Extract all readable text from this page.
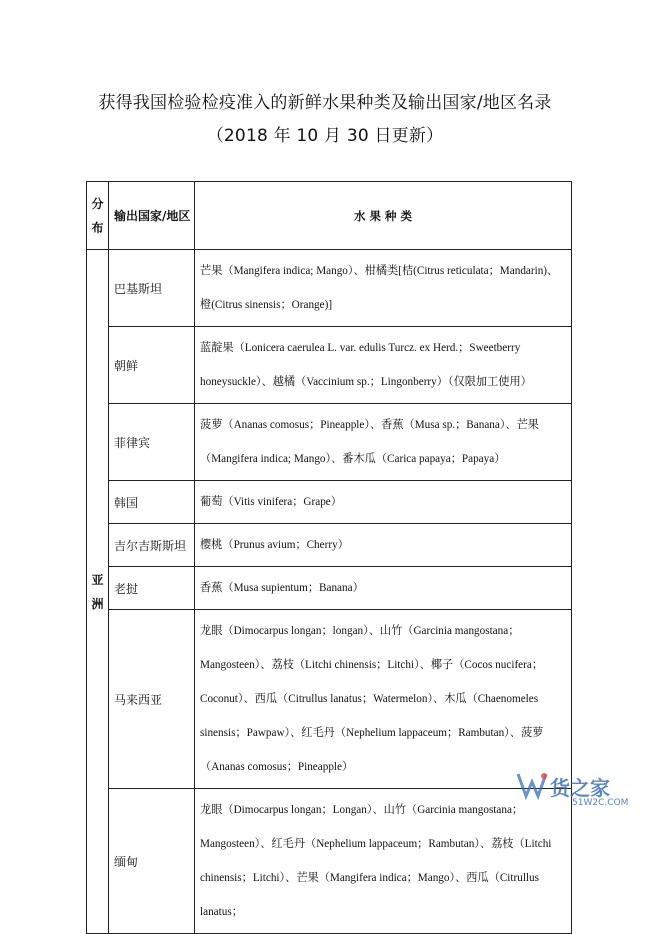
获得我国检验检疫准入的新鲜水果种类及输出国家/地区名录
（2018 年 10 月 30 日更新）
分布	输出国家/地区	水 果 种 类

亚洲	巴基斯坦	芒果（Mangifera indica; Mango）、柑橘类[桔(Citrus reticulata；Mandarin)、橙(Citrus sinensis；Orange)]
	朝鲜	蓝靛果（Lonicera caerulea L. var. edulis Turcz. ex Herd.；Sweetberry honeysuckle）、越橘（Vaccinium sp.；Lingonberry）（仅限加工使用）
	菲律宾	菠萝（Ananas comosus；Pineapple）、香蕉（Musa sp.；Banana）、芒果（Mangifera indica; Mango）、番木瓜（Carica papaya；Papaya）
	韩国	葡萄（Vitis vinifera；Grape）
	吉尔吉斯斯坦	樱桃（Prunus avium；Cherry）
	老挝	香蕉（Musa supientum；Banana）
	马来西亚	龙眼（Dimocarpus longan；longan）、山竹（Garcinia mangostana；Mangosteen）、荔枝（Litchi chinensis；Litchi）、椰子（Cocos nucifera；Coconut）、西瓜（Citrullus lanatus；Watermelon）、木瓜（Chaenomeles sinensis；Pawpaw）、红毛丹（Nephelium lappaceum；Rambutan）、菠萝（Ananas comosus；Pineapple）
	缅甸	龙眼（Dimocarpus longan；Longan）、山竹（Garcinia mangostana；Mangosteen）、红毛丹（Nephelium lappaceum；Rambutan）、荔枝（Litchi chinensis；Litchi）、芒果（Mangifera indica；Mango）、西瓜（Citrullus lanatus；
货之家
51W2C.COM
